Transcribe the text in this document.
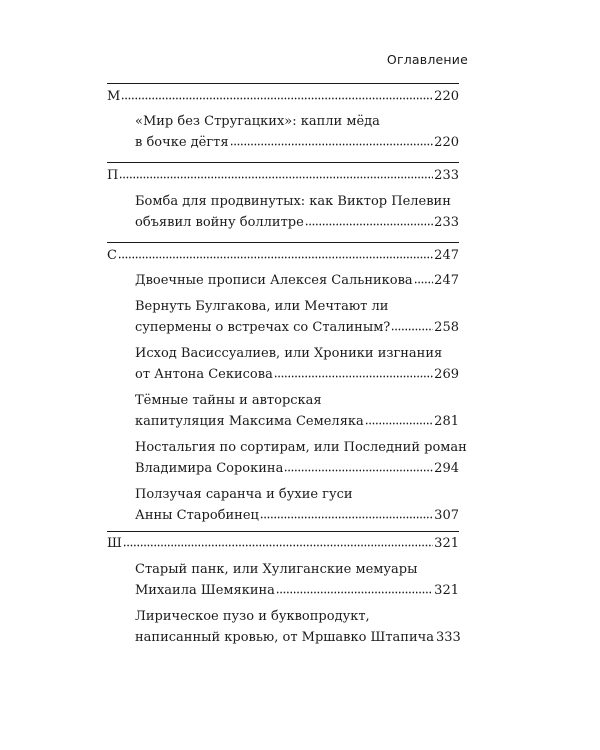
Оглавление
М	220
«Мир без Стругацких»: капли мёда
в бочке дёгтя	220
П	233
Бомба для продвинутых: как Виктор Пелевин
объявил войну боллитре	233
С	247
Двоечные прописи Алексея Сальникова 247
Вернуть Булгакова, или Мечтают ли
супермены о встречах со Сталиным?	258
Исход Васиссуалиев, или Хроники изгнания
от Антона Секисова	269
Тёмные тайны и авторская
капитуляция Максима Семеляка	281
Ностальгия по сортирам, или Последний роман
Владимира Сорокина	294
Ползучая саранча и бухие гуси
Анны Старобинец	307
Ш	321
Старый панк, или Хулиганские мемуары
Михаила Шемякина	321
Лирическое пузо и буквопродукт,
написанный кровью, от Мршавко Штапича 333
